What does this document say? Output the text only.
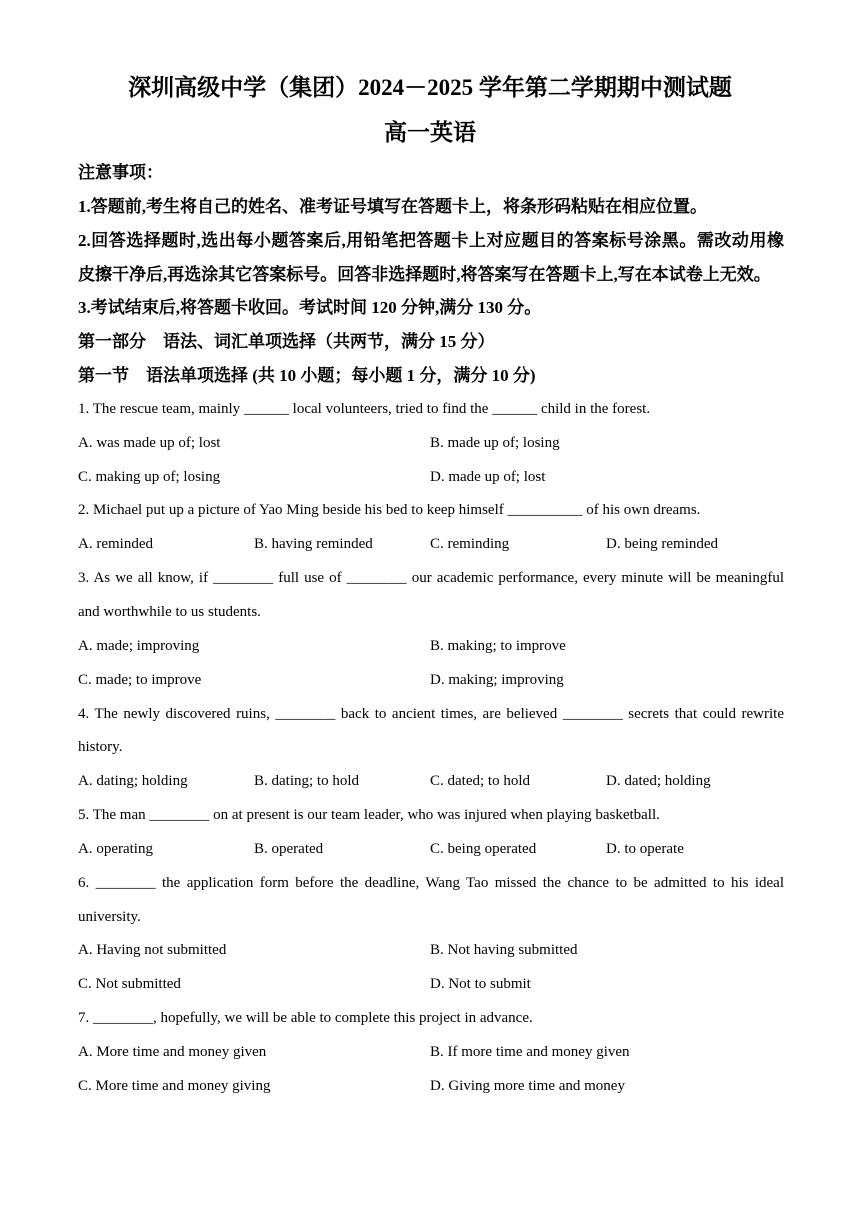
深圳高级中学（集团）2024－2025 学年第二学期期中测试题
高一英语
注意事项：
1.答题前,考生将自己的姓名、准考证号填写在答题卡上，将条形码粘贴在相应位置。
2.回答选择题时,选出每小题答案后,用铅笔把答题卡上对应题目的答案标号涂黑。需改动用橡
皮擦干净后,再选涂其它答案标号。回答非选择题时,将答案写在答题卡上,写在本试卷上无效。
3.考试结束后,将答题卡收回。考试时间 120 分钟,满分 130 分。
第一部分　语法、词汇单项选择（共两节，满分 15 分）
第一节　语法单项选择 (共 10 小题；每小题 1 分，满分 10 分)
1. The rescue team, mainly ______ local volunteers, tried to find the ______ child in the forest.
A. was made up of; lost	B. made up of; losing
C. making up of; losing	D. made up of; lost
2. Michael put up a picture of Yao Ming beside his bed to keep himself __________ of his own dreams.
A. reminded	B. having reminded	C. reminding	D. being reminded
3. As we all know, if ________ full use of ________ our academic performance, every minute will be meaningful
and worthwhile to us students.
A. made; improving	B. making; to improve
C. made; to improve	D. making; improving
4. The newly discovered ruins, ________ back to ancient times, are believed ________ secrets that could rewrite
history.
A. dating; holding	B. dating; to hold	C. dated; to hold	D. dated; holding
5. The man ________ on at present is our team leader, who was injured when playing basketball.
A. operating	B. operated	C. being operated	D. to operate
6. ________ the application form before the deadline, Wang Tao missed the chance to be admitted to his ideal
university.
A. Having not submitted	B. Not having submitted
C. Not submitted	D. Not to submit
7. ________, hopefully, we will be able to complete this project in advance.
A. More time and money given	B. If more time and money given
C. More time and money giving	D. Giving more time and money
